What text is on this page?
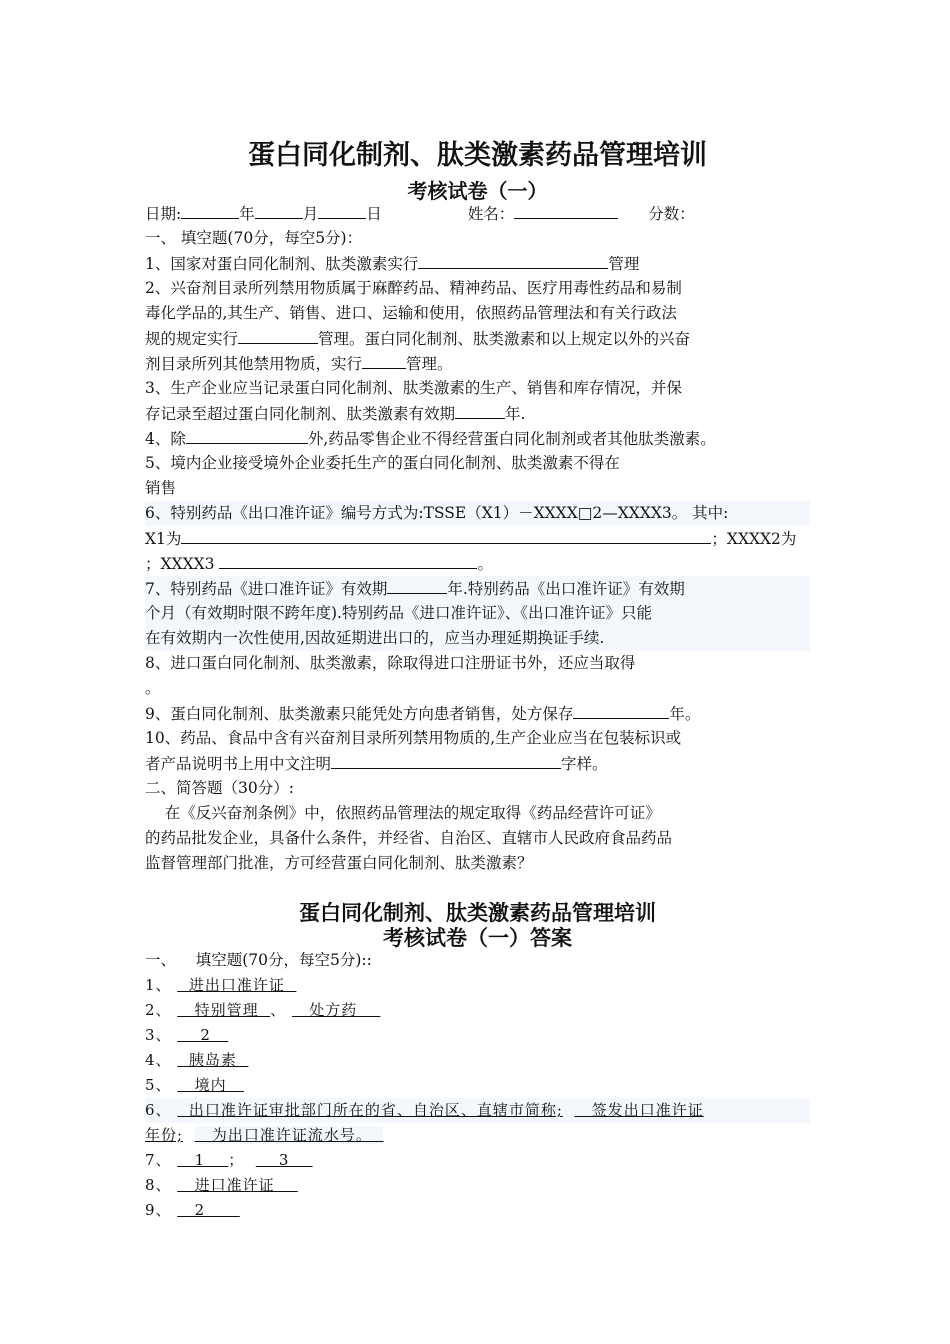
蛋白同化制剂、肽类激素药品管理培训
考核试卷（一）
日期:	年	月	日	姓名：	分数：
一、 填空题(70分，每空5分)：
1、国家对蛋白同化制剂、肽类激素实行	管理
2、兴奋剂目录所列禁用物质属于麻醉药品、精神药品、医疗用毒性药品和易制
毒化学品的,其生产、销售、进口、运输和使用，依照药品管理法和有关行政法
规的规定实行	管理。蛋白同化制剂、肽类激素和以上规定以外的兴奋
剂目录所列其他禁用物质，实行	管理。
3、生产企业应当记录蛋白同化制剂、肽类激素的生产、销售和库存情况，并保
存记录至超过蛋白同化制剂、肽类激素有效期	年.
4、除	外,药品零售企业不得经营蛋白同化制剂或者其他肽类激素。
5、境内企业接受境外企业委托生产的蛋白同化制剂、肽类激素不得在
销售
6、特别药品《出口准许证》编号方式为:TSSE（X1）－XXXX□2—XXXX3。 其中:
X1为	；XXXX2为
；XXXX3	。
7、特别药品《进口准许证》有效期	年.特别药品《出口准许证》有效期
个月（有效期时限不跨年度).特别药品《进口准许证》、《出口准许证》只能
在有效期内一次性使用,因故延期进出口的，应当办理延期换证手续.
8、进口蛋白同化制剂、肽类激素，除取得进口注册证书外，还应当取得
。
9、蛋白同化制剂、肽类激素只能凭处方向患者销售，处方保存	年。
10、药品、食品中含有兴奋剂目录所列禁用物质的,生产企业应当在包装标识或
者产品说明书上用中文注明	字样。
二、简答题（30分）:
在《反兴奋剂条例》中，依照药品管理法的规定取得《药品经营许可证》
的药品批发企业，具备什么条件，并经省、自治区、直辖市人民政府食品药品
监督管理部门批准，方可经营蛋白同化制剂、肽类激素？
蛋白同化制剂、肽类激素药品管理培训
考核试卷（一）答案
一、    填空题(70分，每空5分)::
1、   进出口准许证
2、    特别管理  、    处方药
3、     2
4、   胰岛素
5、    境内
6、   出口准许证审批部门所在的省、自治区、直辖市简称;     签发出口准许证
年份;     为出口准许证流水号。
7、    1    ；      3
8、    进口准许证
9、    2
